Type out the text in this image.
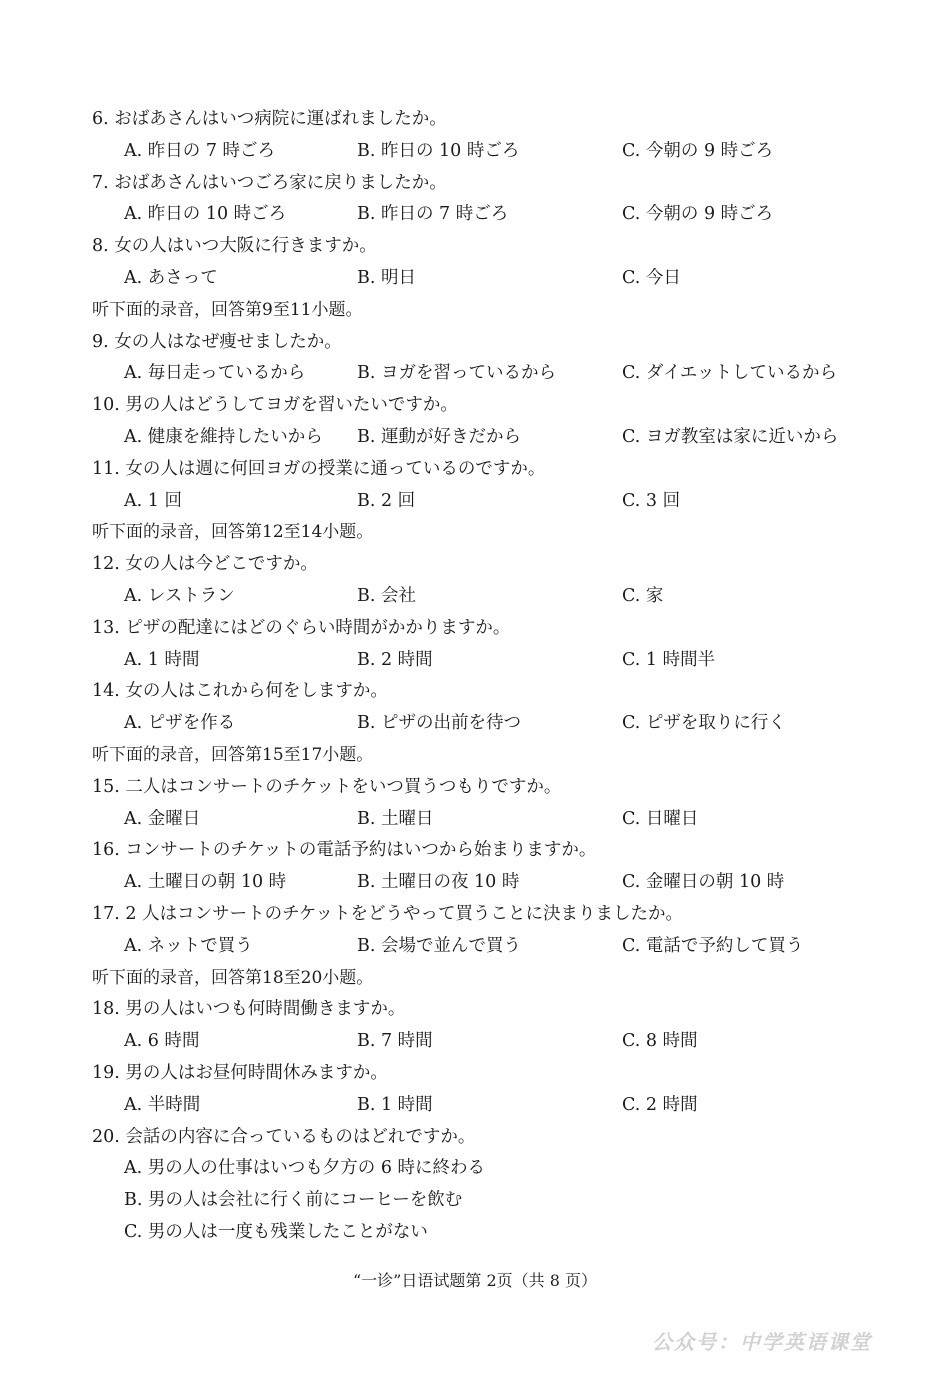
6. おばあさんはいつ病院に運ばれましたか。
A. 昨日の 7 時ごろ	B. 昨日の 10 時ごろ	C. 今朝の 9 時ごろ
7. おばあさんはいつごろ家に戻りましたか。
A. 昨日の 10 時ごろ	B. 昨日の 7 時ごろ	C. 今朝の 9 時ごろ
8. 女の人はいつ大阪に行きますか。
A. あさって	B. 明日	C. 今日
听下面的录音，回答第9至11小题。
9. 女の人はなぜ痩せましたか。
A. 毎日走っているから	B. ヨガを習っているから	C. ダイエットしているから
10. 男の人はどうしてヨガを習いたいですか。
A. 健康を維持したいから B. 運動が好きだから	C. ヨガ教室は家に近いから
11. 女の人は週に何回ヨガの授業に通っているのですか。
A. 1 回	B. 2 回	C. 3 回
听下面的录音，回答第12至14小题。
12. 女の人は今どこですか。
A. レストラン	B. 会社	C. 家
13. ピザの配達にはどのぐらい時間がかかりますか。
A. 1 時間	B. 2 時間	C. 1 時間半
14. 女の人はこれから何をしますか。
A. ピザを作る	B. ピザの出前を待つ	C. ピザを取りに行く
听下面的录音，回答第15至17小题。
15. 二人はコンサートのチケットをいつ買うつもりですか。
A. 金曜日	B. 土曜日	C. 日曜日
16. コンサートのチケットの電話予約はいつから始まりますか。
A. 土曜日の朝 10 時	B. 土曜日の夜 10 時	C. 金曜日の朝 10 時
17. 2 人はコンサートのチケットをどうやって買うことに決まりましたか。
A. ネットで買う	B. 会場で並んで買う	C. 電話で予約して買う
听下面的录音，回答第18至20小题。
18. 男の人はいつも何時間働きますか。
A. 6 時間	B. 7 時間	C. 8 時間
19. 男の人はお昼何時間休みますか。
A. 半時間	B. 1 時間	C. 2 時間
20. 会話の内容に合っているものはどれですか。
A. 男の人の仕事はいつも夕方の 6 時に終わる
B. 男の人は会社に行く前にコーヒーを飲む
C. 男の人は一度も残業したことがない
“一诊”日语试题第 2页（共 8 页）
公众号：中学英语课堂
